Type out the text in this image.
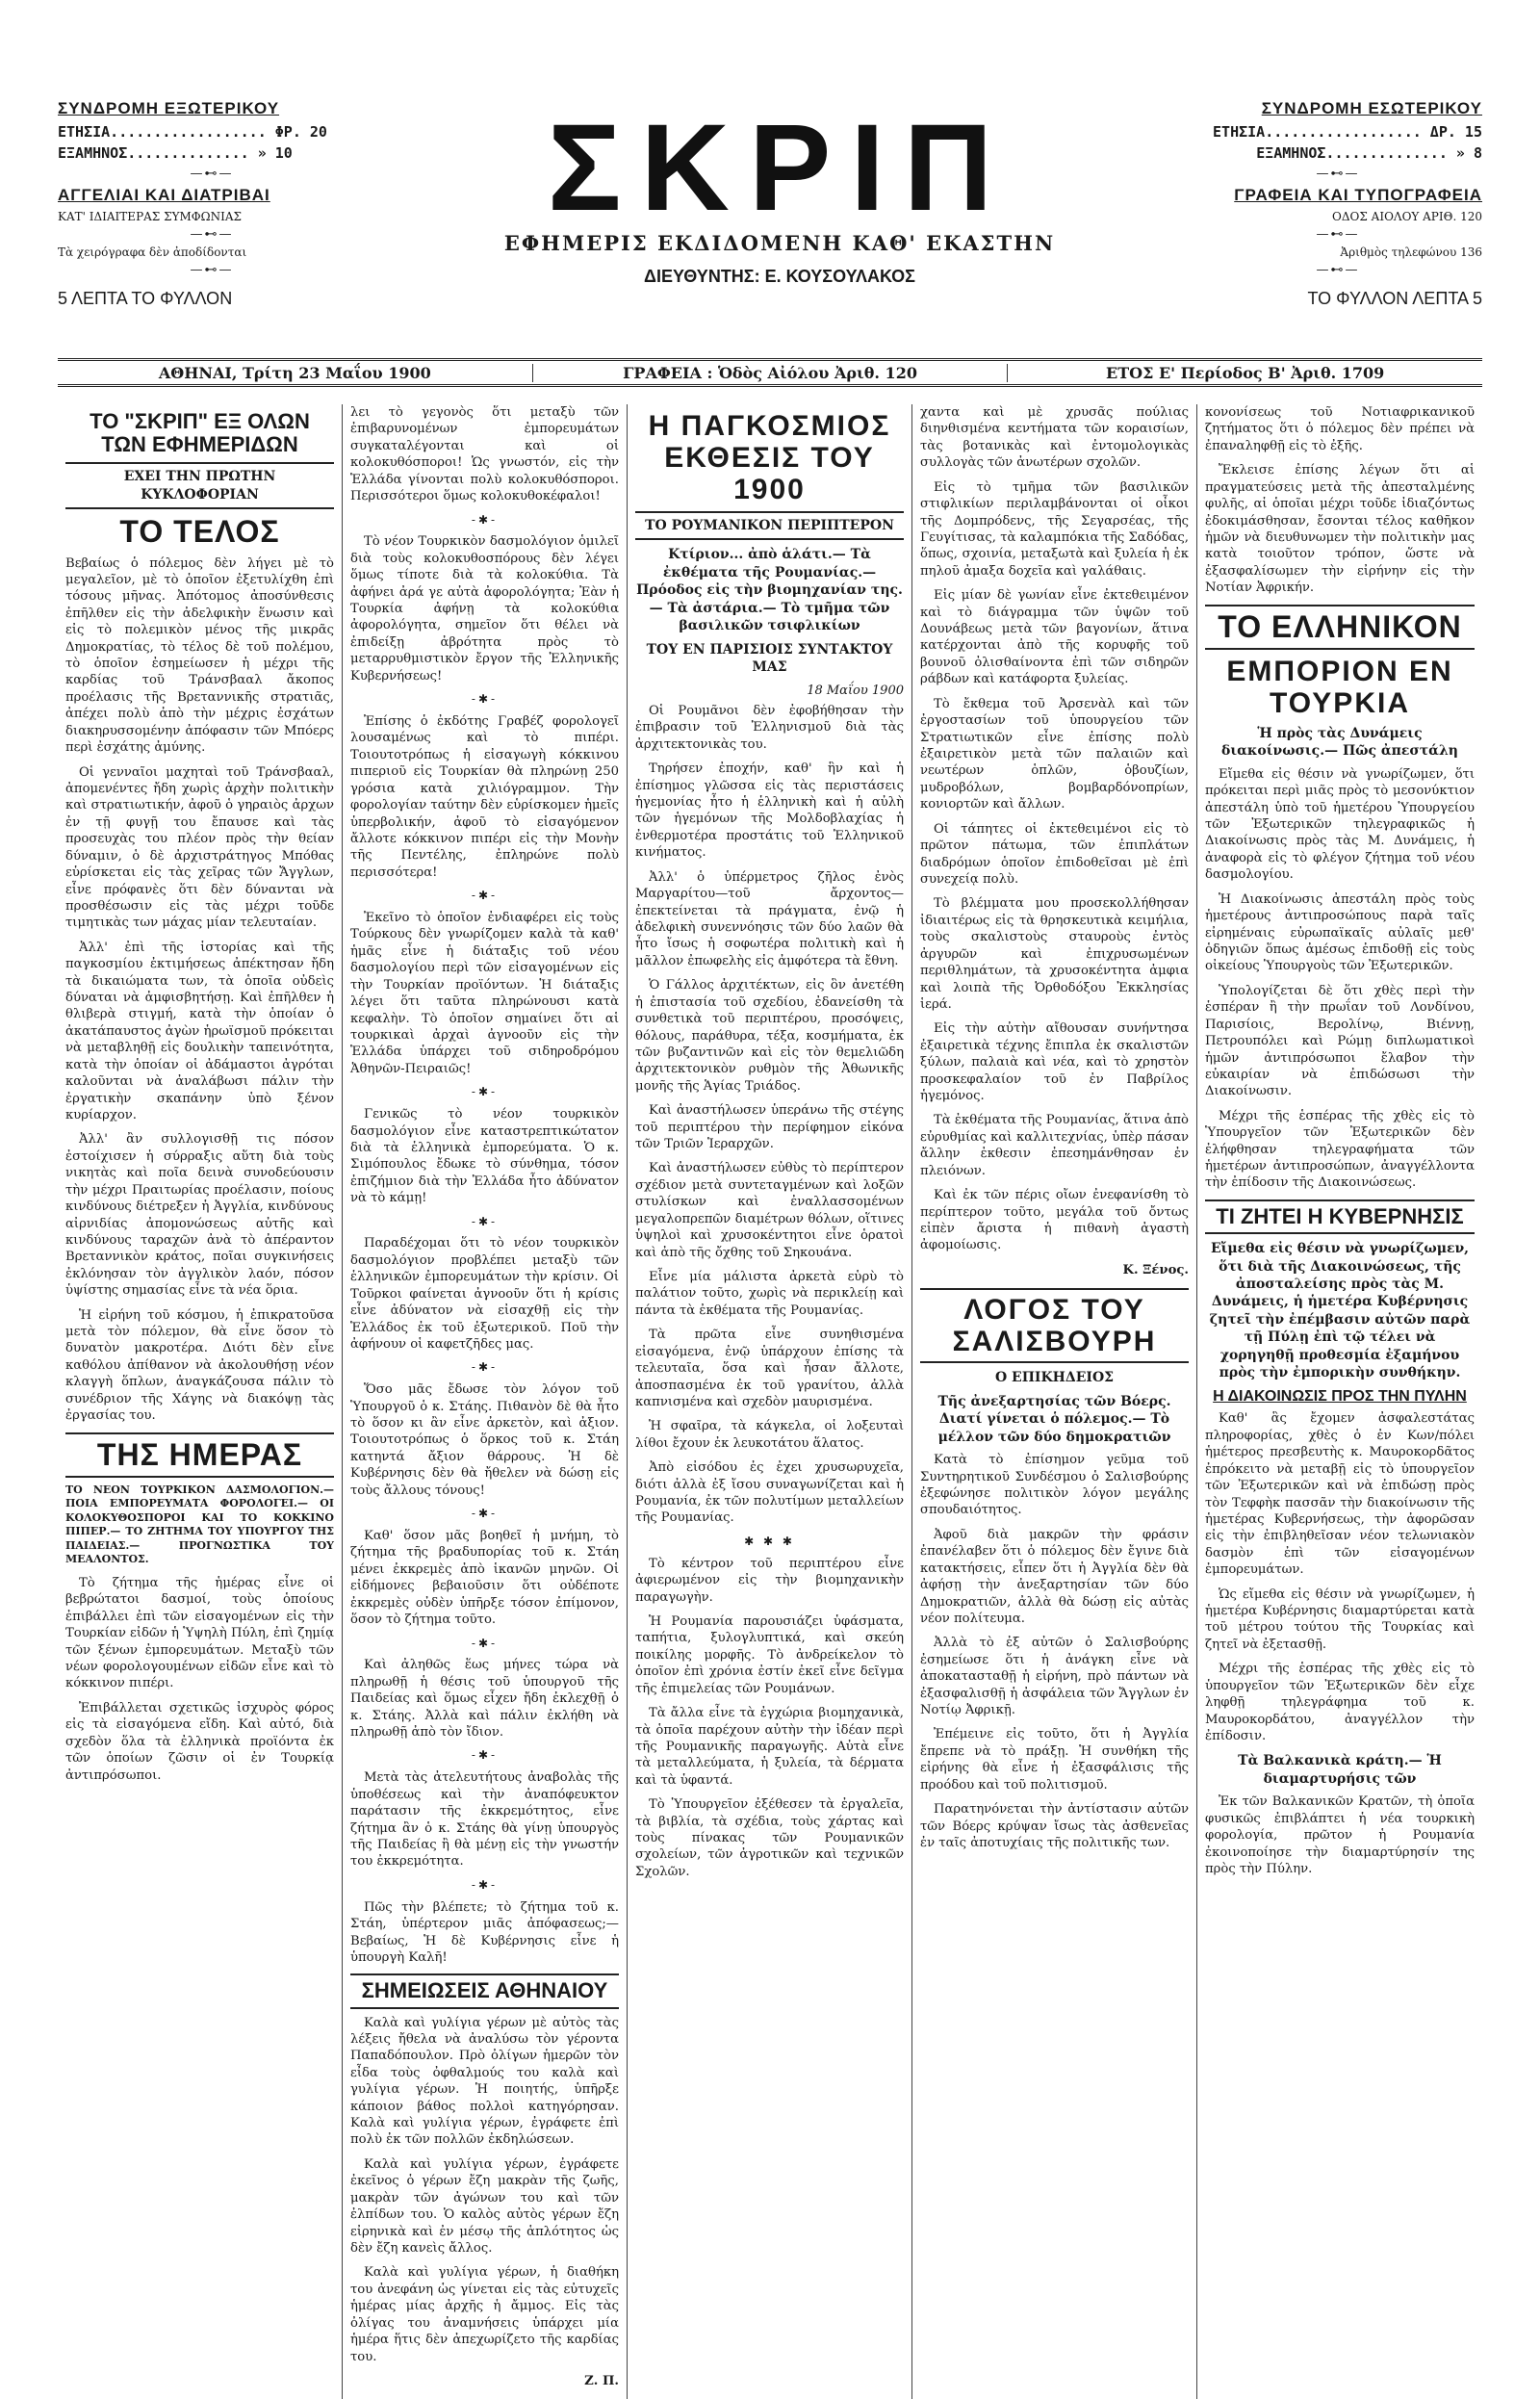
ΣΥΝΔΡΟΜΗ ΕΞΩΤΕΡΙΚΟΥ
ΕΤΗΣΙΑ.................. ΦΡ. 20
ΕΞΑΜΗΝΟΣ.............. » 10
—⊷—
ΑΓΓΕΛΙΑΙ ΚΑΙ ΔΙΑΤΡΙΒΑΙ
ΚΑΤ' ΙΔΙΑΙΤΕΡΑΣ ΣΥΜΦΩΝΙΑΣ
—⊷—
Τὰ χειρόγραφα δὲν ἀποδίδονται
—⊷—
5 ΛΕΠΤΑ ΤΟ ΦΥΛΛΟΝ
ΣΚΡΙΠ
ΕΦΗΜΕΡΙΣ ΕΚΔΙΔΟΜΕΝΗ ΚΑΘ' ΕΚΑΣΤΗΝ
ΔΙΕΥΘΥΝΤΗΣ: Ε. ΚΟΥΣΟΥΛΑΚΟΣ
ΣΥΝΔΡΟΜΗ ΕΣΩΤΕΡΙΚΟΥ
ΕΤΗΣΙΑ.................. ΔΡ. 15
ΕΞΑΜΗΝΟΣ.............. » 8
—⊷—
ΓΡΑΦΕΙΑ ΚΑΙ ΤΥΠΟΓΡΑΦΕΙΑ
ΟΔΟΣ ΑΙΟΛΟΥ ΑΡΙΘ. 120
—⊷—
Ἀριθμὸς τηλεφώνου 136
—⊷—
ΤΟ ΦΥΛΛΟΝ ΛΕΠΤΑ 5
ΑΘΗΝΑΙ, Τρίτη 23 Μαΐου 1900	ΓΡΑΦΕΙΑ : Ὁδὸς Αἰόλου Ἀριθ. 120	ΕΤΟΣ Ε' Περίοδος Β' Ἀριθ. 1709
ΤΟ "ΣΚΡΙΠ" ΕΞ ΟΛΩΝ ΤΩΝ ΕΦΗΜΕΡΙΔΩΝ
ΕΧΕΙ ΤΗΝ ΠΡΩΤΗΝ ΚΥΚΛΟΦΟΡΙΑΝ
ΤΟ ΤΕΛΟΣ

Βεβαίως ὁ πόλεμος δὲν λήγει μὲ τὸ μεγαλεῖον, μὲ τὸ ὁποῖον ἐξετυλίχθη ἐπὶ τόσους μῆνας. Ἀπότομος ἀποσύνθεσις ἐπῆλθεν εἰς τὴν ἀδελφικὴν ἕνωσιν καὶ εἰς τὸ πολεμικὸν μένος τῆς μικρᾶς Δημοκρατίας, τὸ τέλος δὲ τοῦ πολέμου, τὸ ὁποῖον ἐσημείωσεν ἡ μέχρι τῆς καρδίας τοῦ Τράνσβααλ ἄκοπος προέλασις τῆς Βρεταννικῆς στρατιᾶς, ἀπέχει πολὺ ἀπὸ τὴν μέχρις ἐσχάτων διακηρυσσομένην ἀπόφασιν τῶν Μπόερς περὶ ἐσχάτης ἀμύνης.

Οἱ γενναῖοι μαχηταὶ τοῦ Τράνσβααλ, ἀπομενέντες ἤδη χωρὶς ἀρχὴν πολιτικὴν καὶ στρατιωτικήν, ἀφοῦ ὁ γηραιὸς ἀρχων ἐν τῇ φυγῇ του ἔπαυσε καὶ τὰς προσευχὰς του πλέον πρὸς τὴν θείαν δύναμιν, ὁ δὲ ἀρχιστράτηγος Μπόθας εὑρίσκεται εἰς τὰς χεῖρας τῶν Ἄγγλων, εἶνε πρόφανὲς ὅτι δὲν δύνανται νὰ προσθέσωσιν εἰς τὰς μέχρι τοῦδε τιμητικὰς των μάχας μίαν τελευταίαν.

Ἀλλ' ἐπὶ τῆς ἱστορίας καὶ τῆς παγκοσμίου ἐκτιμήσεως ἀπέκτησαν ἤδη τὰ δικαιώματα των, τὰ ὁποῖα οὐδεὶς δύναται νὰ ἀμφισβητήσῃ. Καὶ ἐπῆλθεν ἡ θλιβερὰ στιγμή, κατὰ τὴν ὁποίαν ὁ ἀκατάπαυστος ἀγὼν ἡρωϊσμοῦ πρόκειται νὰ μεταβληθῇ εἰς δουλικὴν ταπεινότητα, κατὰ τὴν ὁποίαν οἱ ἀδάμαστοι ἀγρόται καλοῦνται νὰ ἀναλάβωσι πάλιν τὴν ἐργατικὴν σκαπάνην ὑπὸ ξένον κυρίαρχον.

Ἀλλ' ἂν συλλογισθῇ τις πόσον ἐστοίχισεν ἡ σύρραξις αὕτη διὰ τοὺς νικητὰς καὶ ποῖα δεινὰ συνοδεύουσιν τὴν μέχρι Πραιτωρίας προέλασιν, ποίους κινδύνους διέτρεξεν ἡ Ἀγγλία, κινδύνους αἰρνιδίας ἀπομονώσεως αὐτῆς καὶ κινδύνους ταραχῶν ἀνὰ τὸ ἀπέραντον Βρεταννικὸν κράτος, ποῖαι συγκινήσεις ἐκλόνησαν τὸν ἀγγλικὸν λαόν, πόσον ὑψίστης σημασίας εἶνε τὰ νέα ὅρια.

Ἡ εἰρήνη τοῦ κόσμου, ἡ ἐπικρατοῦσα μετὰ τὸν πόλεμον, θὰ εἶνε ὅσον τὸ δυνατὸν μακροτέρα. Διότι δὲν εἶνε καθόλου ἀπίθανον νὰ ἀκολουθήσῃ νέον κλαγγὴ ὅπλων, ἀναγκάζουσα πάλιν τὸ συνέδριον τῆς Χάγης νὰ διακόψῃ τὰς ἐργασίας του.

ΤΗΣ ΗΜΕΡΑΣ
ΤΟ ΝΕΟΝ ΤΟΥΡΚΙΚΟΝ ΔΑΣΜΟΛΟΓΙΟΝ.— ΠΟΙΑ ΕΜΠΟΡΕΥΜΑΤΑ ΦΟΡΟΛΟΓΕΙ.— ΟΙ ΚΟΛΟΚΥΘΟΣΠΟΡΟΙ ΚΑΙ ΤΟ ΚΟΚΚΙΝΟ ΠΙΠΕΡ.— ΤΟ ΖΗΤΗΜΑ ΤΟΥ ΥΠΟΥΡΓΟΥ ΤΗΣ ΠΑΙΔΕΙΑΣ.— ΠΡΟΓΝΩΣΤΙΚΑ ΤΟΥ ΜΕΑΛΟΝΤΟΣ.

Τὸ ζήτημα τῆς ἡμέρας εἶνε οἱ βεβρώτατοι δασμοί, τοὺς ὁποίους ἐπιβάλλει ἐπὶ τῶν εἰσαγομένων εἰς τὴν Τουρκίαν εἰδῶν ἡ Ὑψηλὴ Πύλη, ἐπὶ ζημίᾳ τῶν ξένων ἐμπορευμάτων. Μεταξὺ τῶν νέων φορολογουμένων εἰδῶν εἶνε καὶ τὸ κόκκινον πιπέρι.

Ἐπιβάλλεται σχετικῶς ἰσχυρὸς φόρος εἰς τὰ εἰσαγόμενα εἴδη. Καὶ αὐτό, διὰ σχεδὸν ὅλα τὰ ἐλληνικὰ προϊόντα ἐκ τῶν ὁποίων ζῶσιν οἱ ἐν Τουρκίᾳ ἀντιπρόσωποι.

λει τὸ γεγονὸς ὅτι μεταξὺ τῶν ἐπιβαρυνομένων ἐμπορευμάτων συγκαταλέγονται καὶ οἱ κολοκυθόσποροι! Ὡς γνωστόν, εἰς τὴν Ἑλλάδα γίνονται πολὺ κολοκυθόσποροι. Περισσότεροι ὅμως κολοκυθοκέφαλοι!

-✱-

Τὸ νέον Τουρκικὸν δασμολόγιον ὁμιλεῖ διὰ τοὺς κολοκυθοσπόρους δὲν λέγει ὅμως τίποτε διὰ τὰ κολοκύθια. Τὰ ἀφήνει ἀρά γε αὐτὰ ἀφορολόγητα; Ἐὰν ἡ Τουρκία ἀφήνῃ τὰ κολοκύθια ἀφορολόγητα, σημεῖον ὅτι θέλει νὰ ἐπιδείξῃ ἀβρότητα πρὸς τὸ μεταρρυθμιστικὸν ἔργον τῆς Ἑλληνικῆς Κυβερνήσεως!

-✱-

Ἐπίσης ὁ ἐκδότης Γραβέζ φορολογεῖ λουσαμένως καὶ τὸ πιπέρι. Τοιουτοτρόπως ἡ εἰσαγωγὴ κόκκινου πιπεριοῦ εἰς Τουρκίαν θὰ πληρώνῃ 250 γρόσια κατὰ χιλιόγραμμον. Τὴν φορολογίαν ταύτην δὲν εὑρίσκομεν ἡμεῖς ὑπερβολικήν, ἀφοῦ τὸ εἰσαγόμενον ἄλλοτε κόκκινον πιπέρι εἰς τὴν Μονὴν τῆς Πεντέλης, ἐπληρώνε πολὺ περισσότερα!

-✱-

Ἐκεῖνο τὸ ὁποῖον ἐνδιαφέρει εἰς τοὺς Τούρκους δὲν γνωρίζομεν καλὰ τὰ καθ' ἡμᾶς εἶνε ἡ διάταξις τοῦ νέου δασμολογίου περὶ τῶν εἰσαγομένων εἰς τὴν Τουρκίαν προϊόντων. Ἡ διάταξις λέγει ὅτι ταῦτα πληρώνουσι κατὰ κεφαλὴν. Τὸ ὁποῖον σημαίνει ὅτι αἱ τουρκικαὶ ἀρχαὶ ἀγνοοῦν εἰς τὴν Ἑλλάδα ὑπάρχει τοῦ σιδηροδρόμου Ἀθηνῶν-Πειραιῶς!

-✱-

Γενικῶς τὸ νέον τουρκικὸν δασμολόγιον εἶνε καταστρεπτικώτατον διὰ τὰ ἑλληνικὰ ἐμπορεύματα. Ὁ κ. Σιμόπουλος ἔδωκε τὸ σύνθημα, τόσον ἐπιζήμιον διὰ τὴν Ἑλλάδα ἦτο ἀδύνατον νὰ τὸ κάμῃ!

-✱-

Παραδέχομαι ὅτι τὸ νέον τουρκικὸν δασμολόγιον προβλέπει μεταξὺ τῶν ἑλληνικῶν ἐμπορευμάτων τὴν κρίσιν. Οἱ Τοῦρκοι φαίνεται ἀγνοοῦν ὅτι ἡ κρίσις εἶνε ἀδύνατον νὰ εἰσαχθῇ εἰς τὴν Ἑλλάδος ἐκ τοῦ ἐξωτερικοῦ. Ποῦ τὴν ἀφήνουν οἱ καφετζῆδες μας.

-✱-

Ὅσο μᾶς ἔδωσε τὸν λόγον τοῦ Ὑπουργοῦ ὁ κ. Στάης. Πιθανὸν δὲ θὰ ἦτο τὸ ὅσον κι ἂν εἶνε ἀρκετὸν, καὶ ἀξιον. Τοιουτοτρόπως ὁ ὅρκος τοῦ κ. Στάη κατηντά ἄξιον θάρρους. Ἡ δὲ Κυβέρνησις δὲν θὰ ἤθελεν νὰ δώσῃ εἰς τοὺς ἄλλους τόνους!

-✱-

Καθ' ὅσον μᾶς βοηθεῖ ἡ μνήμη, τὸ ζήτημα τῆς βραδυπορίας τοῦ κ. Στάη μένει ἐκκρεμὲς ἀπὸ ἱκανῶν μηνῶν. Οἱ εἰδήμονες βεβαιοῦσιν ὅτι οὐδέποτε ἐκκρεμὲς οὐδὲν ὑπῆρξε τόσον ἐπίμονον, ὅσον τὸ ζήτημα τοῦτο.

-✱-

Καὶ ἀληθῶς ἕως μήνες τώρα νὰ πληρωθῇ ἡ θέσις τοῦ ὑπουργοῦ τῆς Παιδείας καὶ ὅμως εἶχεν ἤδη ἐκλεχθῇ ὁ κ. Στάης. Ἀλλὰ καὶ πάλιν ἐκλήθη νὰ πληρωθῇ ἀπὸ τὸν ἴδιον.

-✱-

Μετὰ τὰς ἀτελευτήτους ἀναβολὰς τῆς ὑποθέσεως καὶ τὴν ἀναπόφευκτον παράτασιν τῆς ἐκκρεμότητος, εἶνε ζήτημα ἂν ὁ κ. Στάης θὰ γίνῃ ὑπουργὸς τῆς Παιδείας ἢ θὰ μένῃ εἰς τὴν γνωστήν του ἐκκρεμότητα.

-✱-

Πῶς τὴν βλέπετε; τὸ ζήτημα τοῦ κ. Στάη, ὑπέρτερον μιᾶς ἀπόφασεως;— Βεβαίως, Ἡ δὲ Κυβέρνησις εἶνε ἡ ὑπουργὴ Καλῆ!

ΣΗΜΕΙΩΣΕΙΣ ΑΘΗΝΑΙΟΥ

Καλὰ καὶ γυλίγια γέρων μὲ αὐτὸς τὰς λέξεις ἤθελα νὰ ἀναλύσω τὸν γέροντα Παπαδόπουλον. Πρὸ ὀλίγων ἡμερῶν τὸν εἶδα τοὺς ὀφθαλμούς του καλὰ καὶ γυλίγια γέρων. Ἡ ποιητής, ὑπῆρξε κάποιον βάθος πολλοὶ κατηγόρησαν. Καλὰ καὶ γυλίγια γέρων, ἐγράφετε ἐπὶ πολὺ ἐκ τῶν πολλῶν ἐκδηλώσεων.

Καλὰ καὶ γυλίγια γέρων, ἐγράφετε ἐκεῖνος ὁ γέρων ἔζη μακρὰν τῆς ζωῆς, μακρὰν τῶν ἀγώνων του καὶ τῶν ἐλπίδων του. Ὁ καλὸς αὐτὸς γέρων ἔζη εἰρηνικὰ καὶ ἐν μέσῳ τῆς ἁπλότητος ὡς δὲν ἔζη κανεὶς ἄλλος.

Καλὰ καὶ γυλίγια γέρων, ἡ διαθήκη του ἀνεφάνη ὡς γίνεται εἰς τὰς εὐτυχεῖς ἡμέρας μίας ἀρχῆς ἡ ἄμμος. Εἰς τὰς ὀλίγας του ἀναμνήσεις ὑπάρχει μία ἡμέρα ἥτις δὲν ἀπεχωρίζετο τῆς καρδίας του.

Ζ. Π.
Η ΠΑΓΚΟΣΜΙΟΣ ΕΚΘΕΣΙΣ ΤΟΥ 1900
ΤΟ ΡΟΥΜΑΝΙΚΟΝ ΠΕΡΙΠΤΕΡΟΝ
Κτίριον... ἀπὸ ἁλάτι.— Τὰ ἐκθέματα τῆς Ρουμανίας.— Πρόοδος εἰς τὴν βιομηχανίαν της.— Τὰ ἀστάρια.— Τὸ τμῆμα τῶν βασιλικῶν τσιφλικίων
ΤΟΥ ΕΝ ΠΑΡΙΣΙΟΙΣ ΣΥΝΤΑΚΤΟΥ ΜΑΣ
18 Μαΐου 1900

Οἱ Ρουμᾶνοι δὲν ἐφοβήθησαν τὴν ἐπιβρασιν τοῦ Ἑλληνισμοῦ διὰ τὰς ἀρχιτεκτονικὰς του.

Τηρήσεν ἐποχήν, καθ' ἣν καὶ ἡ ἐπίσημος γλῶσσα εἰς τὰς περιστάσεις ἡγεμονίας ἦτο ἡ ἑλληνικὴ καὶ ἡ αὐλὴ τῶν ἡγεμόνων τῆς Μολδοβλαχίας ἡ ἐνθερμοτέρα προστάτις τοῦ Ἑλληνικοῦ κινήματος.

Ἀλλ' ὁ ὑπέρμετρος ζῆλος ἐνὸς Μαργαρίτου—τοῦ ἄρχοντος—ἐπεκτείνεται τὰ πράγματα, ἐνῷ ἡ ἀδελφικὴ συνεννόησις τῶν δύο λαῶν θὰ ἦτο ἴσως ἡ σοφωτέρα πολιτικὴ καὶ ἡ μᾶλλον ἐπωφελὴς εἰς ἀμφότερα τὰ ἔθνη.

Ὁ Γάλλος ἀρχιτέκτων, εἰς ὃν ἀνετέθη ἡ ἐπιστασία τοῦ σχεδίου, ἐδανείσθη τὰ συνθετικὰ τοῦ περιπτέρου, προσόψεις, θόλους, παράθυρα, τέξα, κοσμήματα, ἐκ τῶν βυζαντινῶν καὶ εἰς τὸν θεμελιῶδη ἀρχιτεκτονικὸν ρυθμὸν τῆς Ἀθωνικῆς μονῆς τῆς Ἁγίας Τριάδος.

Καὶ ἀναστήλωσεν ὑπεράνω τῆς στέγης τοῦ περιπτέρου τὴν περίφημον εἰκόνα τῶν Τριῶν Ἱεραρχῶν.

Καὶ ἀναστήλωσεν εὐθὺς τὸ περίπτερον σχέδιον μετὰ συντεταγμένων καὶ λοξῶν στυλίσκων καὶ ἐναλλασσομένων μεγαλοπρεπῶν διαμέτρων θόλων, οἵτινες ὑψηλοὶ καὶ χρυσοκέντητοι εἶνε ὁρατοὶ καὶ ἀπὸ τῆς ὄχθης τοῦ Σηκουάνα.

Εἶνε μία μάλιστα ἀρκετὰ εὑρὺ τὸ παλάτιον τοῦτο, χωρὶς νὰ περικλείῃ καὶ πάντα τὰ ἐκθέματα τῆς Ρουμανίας.

Τὰ πρῶτα εἶνε συνηθισμένα εἰσαγόμενα, ἐνῷ ὑπάρχουν ἐπίσης τὰ τελευταῖα, ὅσα καὶ ἦσαν ἄλλοτε, ἀποσπασμένα ἐκ τοῦ γρανίτου, ἀλλὰ καπνισμένα καὶ σχεδὸν μαυρισμένα.

Ἡ σφαῖρα, τὰ κάγκελα, οἱ λοξευταὶ λίθοι ἔχουν ἐκ λευκοτάτου ἅλατος.

Ἀπὸ εἰσόδου ἐς ἐχει χρυσωρυχεῖα, διότι ἀλλὰ ἐξ ἴσου συναγωνίζεται καὶ ἡ Ρουμανία, ἐκ τῶν πολυτίμων μεταλλείων τῆς Ρουμανίας.

✱ ✱ ✱

Τὸ κέντρον τοῦ περιπτέρου εἶνε ἀφιερωμένον εἰς τὴν βιομηχανικὴν παραγωγὴν.

Ἡ Ρουμανία παρουσιάζει ὑφάσματα, ταπήτια, ξυλογλυπτικά, καὶ σκεύη ποικίλης μορφῆς. Τὸ ἀνδρείκελον τὸ ὁποῖον ἐπὶ χρόνια ἐστίν ἐκεῖ εἶνε δεῖγμα τῆς ἐπιμελείας τῶν Ρουμάνων.

Τὰ ἄλλα εἶνε τὰ ἐγχώρια βιομηχανικὰ, τὰ ὁποῖα παρέχουν αὐτὴν τὴν ἰδέαν περὶ τῆς Ρουμανικῆς παραγωγῆς. Αὐτὰ εἶνε τὰ μεταλλεύματα, ἡ ξυλεία, τὰ δέρματα καὶ τὰ ὑφαντά.

Τὸ Ὑπουργεῖον ἐξέθεσεν τὰ ἐργαλεῖα, τὰ βιβλία, τὰ σχέδια, τοὺς χάρτας καὶ τοὺς πίνακας τῶν Ρουμανικῶν σχολείων, τῶν ἀγροτικῶν καὶ τεχνικῶν Σχολῶν.

χαντα καὶ μὲ χρυσᾶς πούλιας διηνθισμένα κεντήματα τῶν κοραισίων, τὰς βοτανικὰς καὶ ἐντομολογικὰς συλλογὰς τῶν ἀνωτέρων σχολῶν.

Εἰς τὸ τμῆμα τῶν βασιλικῶν στιφλικίων περιλαμβάνονται οἱ οἶκοι τῆς Δομπρόδενς, τῆς Σεγαρσέας, τῆς Γευγίτισας, τὰ καλαμπόκια τῆς Σαδόδας, ὅπως, σχοινία, μεταξωτὰ καὶ ξυλεία ἡ ἐκ πηλοῦ ἀμαξα δοχεῖα καὶ γαλάθαις.

Εἰς μίαν δὲ γωνίαν εἶνε ἐκτεθειμένον καὶ τὸ διάγραμμα τῶν ὑψῶν τοῦ Δουνάβεως μετὰ τῶν βαγονίων, ἅτινα κατέρχονται ἀπὸ τῆς κορυφῆς τοῦ βουνοῦ ὀλισθαίνοντα ἐπὶ τῶν σιδηρῶν ράβδων καὶ κατάφορτα ξυλείας.

Τὸ ἔκθεμα τοῦ Ἀρσενὰλ καὶ τῶν ἐργοστασίων τοῦ ὑπουργείου τῶν Στρατιωτικῶν εἶνε ἐπίσης πολὺ ἐξαιρετικὸν μετὰ τῶν παλαιῶν καὶ νεωτέρων ὁπλῶν, ὁβουζίων, μυδροβόλων, βομβαρδόνοπρίων, κονιορτῶν καὶ ἄλλων.

Οἱ τάπητες οἱ ἐκτεθειμένοι εἰς τὸ πρῶτον πάτωμα, τῶν ἐπιπλάτων διαδρόμων ὁποῖον ἐπιδοθεῖσαι μὲ ἐπὶ συνεχείᾳ πολὺ.

Τὸ βλέμματα μου προσεκολλήθησαν ἰδιαιτέρως εἰς τὰ θρησκευτικὰ κειμήλια, τοὺς σκαλιστοὺς σταυροὺς ἐντὸς ἀργυρῶν καὶ ἐπιχρυσωμένων περιθλημάτων, τὰ χρυσοκέντητα ἀμφια καὶ λοιπὰ τῆς Ὀρθοδόξου Ἐκκλησίας ἱερά.

Εἰς τὴν αὐτὴν αἴθουσαν συνήντησα ἐξαιρετικὰ τέχνης ἔπιπλα ἐκ σκαλιστῶν ξύλων, παλαιὰ καὶ νέα, καὶ τὸ χρηστὸν προσκεφαλαίον τοῦ ἐν Παβρίλος ἡγεμόνος.

Τὰ ἐκθέματα τῆς Ρουμανίας, ἅτινα ἀπὸ εὐρυθμίας καὶ καλλιτεχνίας, ὑπὲρ πάσαν ἄλλην ἐκθεσιν ἐπεσημάνθησαν ἐν πλειόνων.

Καὶ ἐκ τῶν πέρις οἴων ἐνεφανίσθη τὸ περίπτερον τοῦτο, μεγάλα τοῦ ὄντως εἰπὲν ἄριστα ἡ πιθανὴ ἀγαστὴ ἀφομοίωσις.

Κ. Ξένος.
ΛΟΓΟΣ ΤΟΥ ΣΑΛΙΣΒΟΥΡΗ
Ο ΕΠΙΚΗΔΕΙΟΣ
Τῆς ἀνεξαρτησίας τῶν Βόερς. Διατί γίνεται ὁ πόλεμος.— Τὸ μέλλον τῶν δύο δημοκρατιῶν

Κατὰ τὸ ἐπίσημον γεῦμα τοῦ Συντηρητικοῦ Συνδέσμου ὁ Σαλισβούρης ἐξεφώνησε πολιτικὸν λόγον μεγάλης σπουδαιότητος.

Ἀφοῦ διὰ μακρῶν τὴν φράσιν ἐπανέλαβεν ὅτι ὁ πόλεμος δὲν ἔγινε διὰ κατακτήσεις, εἶπεν ὅτι ἡ Ἀγγλία δὲν θὰ ἀφήσῃ τὴν ἀνεξαρτησίαν τῶν δύο Δημοκρατιῶν, ἀλλὰ θὰ δώσῃ εἰς αὐτὰς νέον πολίτευμα.

Ἀλλὰ τὸ ἐξ αὐτῶν ὁ Σαλισβούρης ἐσημείωσε ὅτι ἡ ἀνάγκη εἶνε νὰ ἀποκατασταθῇ ἡ εἰρήνη, πρὸ πάντων νὰ ἐξασφαλισθῇ ἡ ἀσφάλεια τῶν Ἄγγλων ἐν Νοτίῳ Ἀφρικῇ.

Ἐπέμεινε εἰς τοῦτο, ὅτι ἡ Ἀγγλία ἔπρεπε νὰ τὸ πράξῃ. Ἡ συνθήκη τῆς εἰρήνης θὰ εἶνε ἡ ἐξασφάλισις τῆς προόδου καὶ τοῦ πολιτισμοῦ.

Παρατηνόνεται τὴν ἀντίστασιν αὐτῶν τῶν Βόερς κρύψαν ἴσως τὰς ἀσθενεῖας ἐν ταῖς ἀποτυχίαις τῆς πολιτικῆς των.

κονονίσεως τοῦ Νοτιαφρικανικοῦ ζητήματος ὅτι ὁ πόλεμος δὲν πρέπει νὰ ἐπαναληφθῇ εἰς τὸ ἐξῆς.

Ἔκλεισε ἐπίσης λέγων ὅτι αἱ πραγματεύσεις μετὰ τῆς ἀπεσταλμένης φυλῆς, αἱ ὁποῖαι μέχρι τοῦδε ἰδιαζόντως ἐδοκιμάσθησαν, ἔσονται τέλος καθῆκον ἡμῶν νὰ διευθυνωμεν τὴν πολιτικὴν μας κατὰ τοιοῦτον τρόπον, ὥστε νὰ ἐξασφαλίσωμεν τὴν εἰρήνην εἰς τὴν Νοτίαν Ἀφρικήν.

ΤΟ ΕΛΛΗΝΙΚΟΝ
ΕΜΠΟΡΙΟΝ ΕΝ ΤΟΥΡΚΙΑ
Ἡ πρὸς τὰς Δυνάμεις διακοίνωσις.— Πῶς ἀπεστάλη

Εἴμεθα εἰς θέσιν νὰ γνωρίζωμεν, ὅτι πρόκειται περὶ μιᾶς πρὸς τὸ μεσονύκτιον ἀπεστάλη ὑπὸ τοῦ ἡμετέρου Ὑπουργείου τῶν Ἐξωτερικῶν τηλεγραφικῶς ἡ Διακοίνωσις πρὸς τὰς Μ. Δυνάμεις, ἡ ἀναφορὰ εἰς τὸ φλέγον ζήτημα τοῦ νέου δασμολογίου.

Ἡ Διακοίνωσις ἀπεστάλη πρὸς τοὺς ἡμετέρους ἀντιπροσώπους παρὰ ταῖς εἰρημέναις εὐρωπαϊκαῖς αὐλαῖς μεθ' ὁδηγιῶν ὅπως ἀμέσως ἐπιδοθῇ εἰς τοὺς οἰκείους Ὑπουργοὺς τῶν Ἐξωτερικῶν.

Ὑπολογίζεται δὲ ὅτι χθὲς περὶ τὴν ἑσπέραν ἢ τὴν πρωΐαν τοῦ Λονδίνου, Παρισίοις, Βερολίνῳ, Βιέννῃ, Πετρουπόλει καὶ Ρώμῃ διπλωματικοὶ ἡμῶν ἀντιπρόσωποι ἔλαβον τὴν εὐκαιρίαν νὰ ἐπιδώσωσι τὴν Διακοίνωσιν.

Μέχρι τῆς ἑσπέρας τῆς χθὲς εἰς τὸ Ὑπουργεῖον τῶν Ἐξωτερικῶν δὲν ἐλήφθησαν τηλεγραφήματα τῶν ἡμετέρων ἀντιπροσώπων, ἀναγγέλλοντα τὴν ἐπίδοσιν τῆς Διακοινώσεως.

ΤΙ ΖΗΤΕΙ Η ΚΥΒΕΡΝΗΣΙΣ
Εἴμεθα εἰς θέσιν νὰ γνωρίζωμεν, ὅτι διὰ τῆς Διακοινώσεως, τῆς ἀποσταλείσης πρὸς τὰς Μ. Δυνάμεις, ἡ ἡμετέρα Κυβέρνησις ζητεῖ τὴν ἐπέμβασιν αὐτῶν παρὰ τῇ Πύλῃ ἐπὶ τῷ τέλει νὰ χορηγηθῇ προθεσμία ἐξαμήνου πρὸς τὴν ἐμπορικὴν συνθήκην.
Η ΔΙΑΚΟΙΝΩΣΙΣ ΠΡΟΣ ΤΗΝ ΠΥΛΗΝ

Καθ' ἃς ἔχομεν ἀσφαλεστάτας πληροφορίας, χθὲς ὁ ἐν Κων/πόλει ἡμέτερος πρεσβευτὴς κ. Μαυροκορδᾶτος ἐπρόκειτο νὰ μεταβῇ εἰς τὸ ὑπουργεῖον τῶν Ἐξωτερικῶν καὶ νὰ ἐπιδώσῃ πρὸς τὸν Τεφφὴκ πασσᾶν τὴν διακοίνωσιν τῆς ἡμετέρας Κυβερνήσεως, τὴν ἀφορῶσαν εἰς τὴν ἐπιβληθεῖσαν νέον τελωνιακὸν δασμὸν ἐπὶ τῶν εἰσαγομένων ἐμπορευμάτων.

Ὡς εἴμεθα εἰς θέσιν νὰ γνωρίζωμεν, ἡ ἡμετέρα Κυβέρνησις διαμαρτύρεται κατὰ τοῦ μέτρου τούτου τῆς Τουρκίας καὶ ζητεῖ νὰ ἐξετασθῇ.

Μέχρι τῆς ἑσπέρας τῆς χθὲς εἰς τὸ ὑπουργεῖον τῶν Ἐξωτερικῶν δὲν εἶχε ληφθῇ τηλεγράφημα τοῦ κ. Μαυροκορδάτου, ἀναγγέλλον τὴν ἐπίδοσιν.

Τὰ Βαλκανικὰ κράτη.— Ἡ διαμαρτυρήσις τῶν

Ἐκ τῶν Βαλκανικῶν Κρατῶν, τὴ ὁποῖα φυσικῶς ἐπιβλάπτει ἡ νέα τουρκικὴ φορολογία, πρῶτον ἡ Ρουμανία ἐκοινοποίησε τὴν διαμαρτύρησίν της πρὸς τὴν Πύλην.
